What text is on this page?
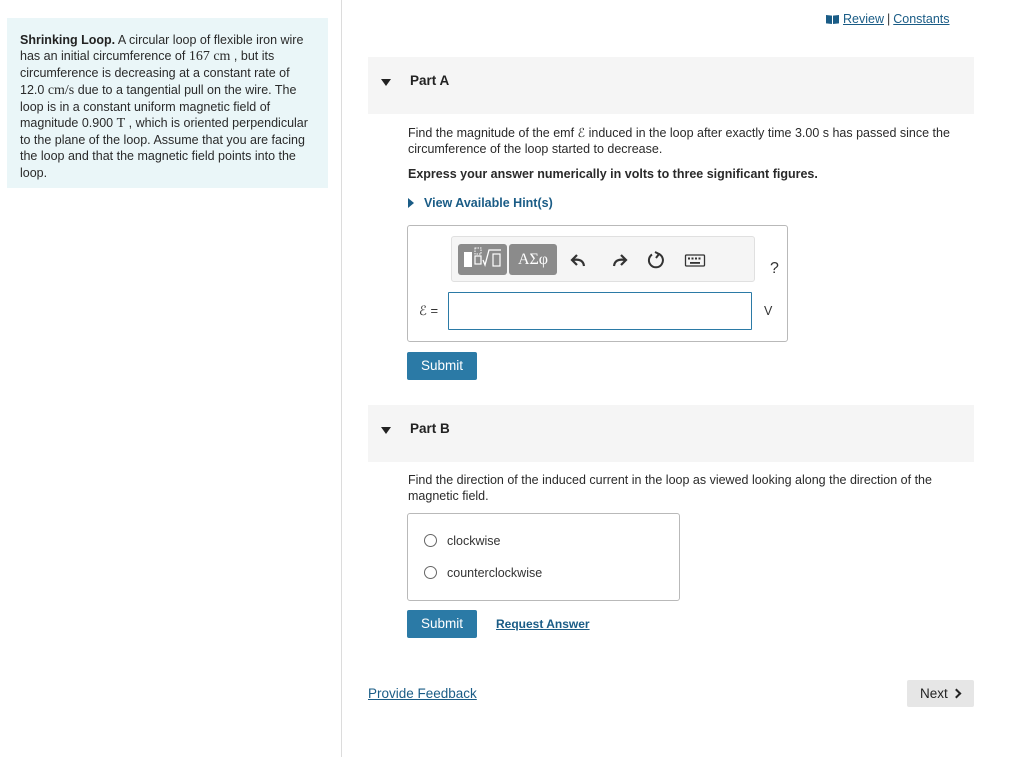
Shrinking Loop. A circular loop of flexible iron wire has an initial circumference of 167 cm , but its circumference is decreasing at a constant rate of 12.0 cm/s due to a tangential pull on the wire. The loop is in a constant uniform magnetic field of magnitude 0.900 T , which is oriented perpendicular to the plane of the loop. Assume that you are facing the loop and that the magnetic field points into the loop.
Review | Constants
Part A
Find the magnitude of the emf ℰ induced in the loop after exactly time 3.00 s has passed since the circumference of the loop started to decrease.
Express your answer numerically in volts to three significant figures.
View Available Hint(s)
ΑΣφ
?
ℰ =	V
Submit
Part B
Find the direction of the induced current in the loop as viewed looking along the direction of the magnetic field.
clockwise
counterclockwise
Submit	Request Answer
Provide Feedback	Next
